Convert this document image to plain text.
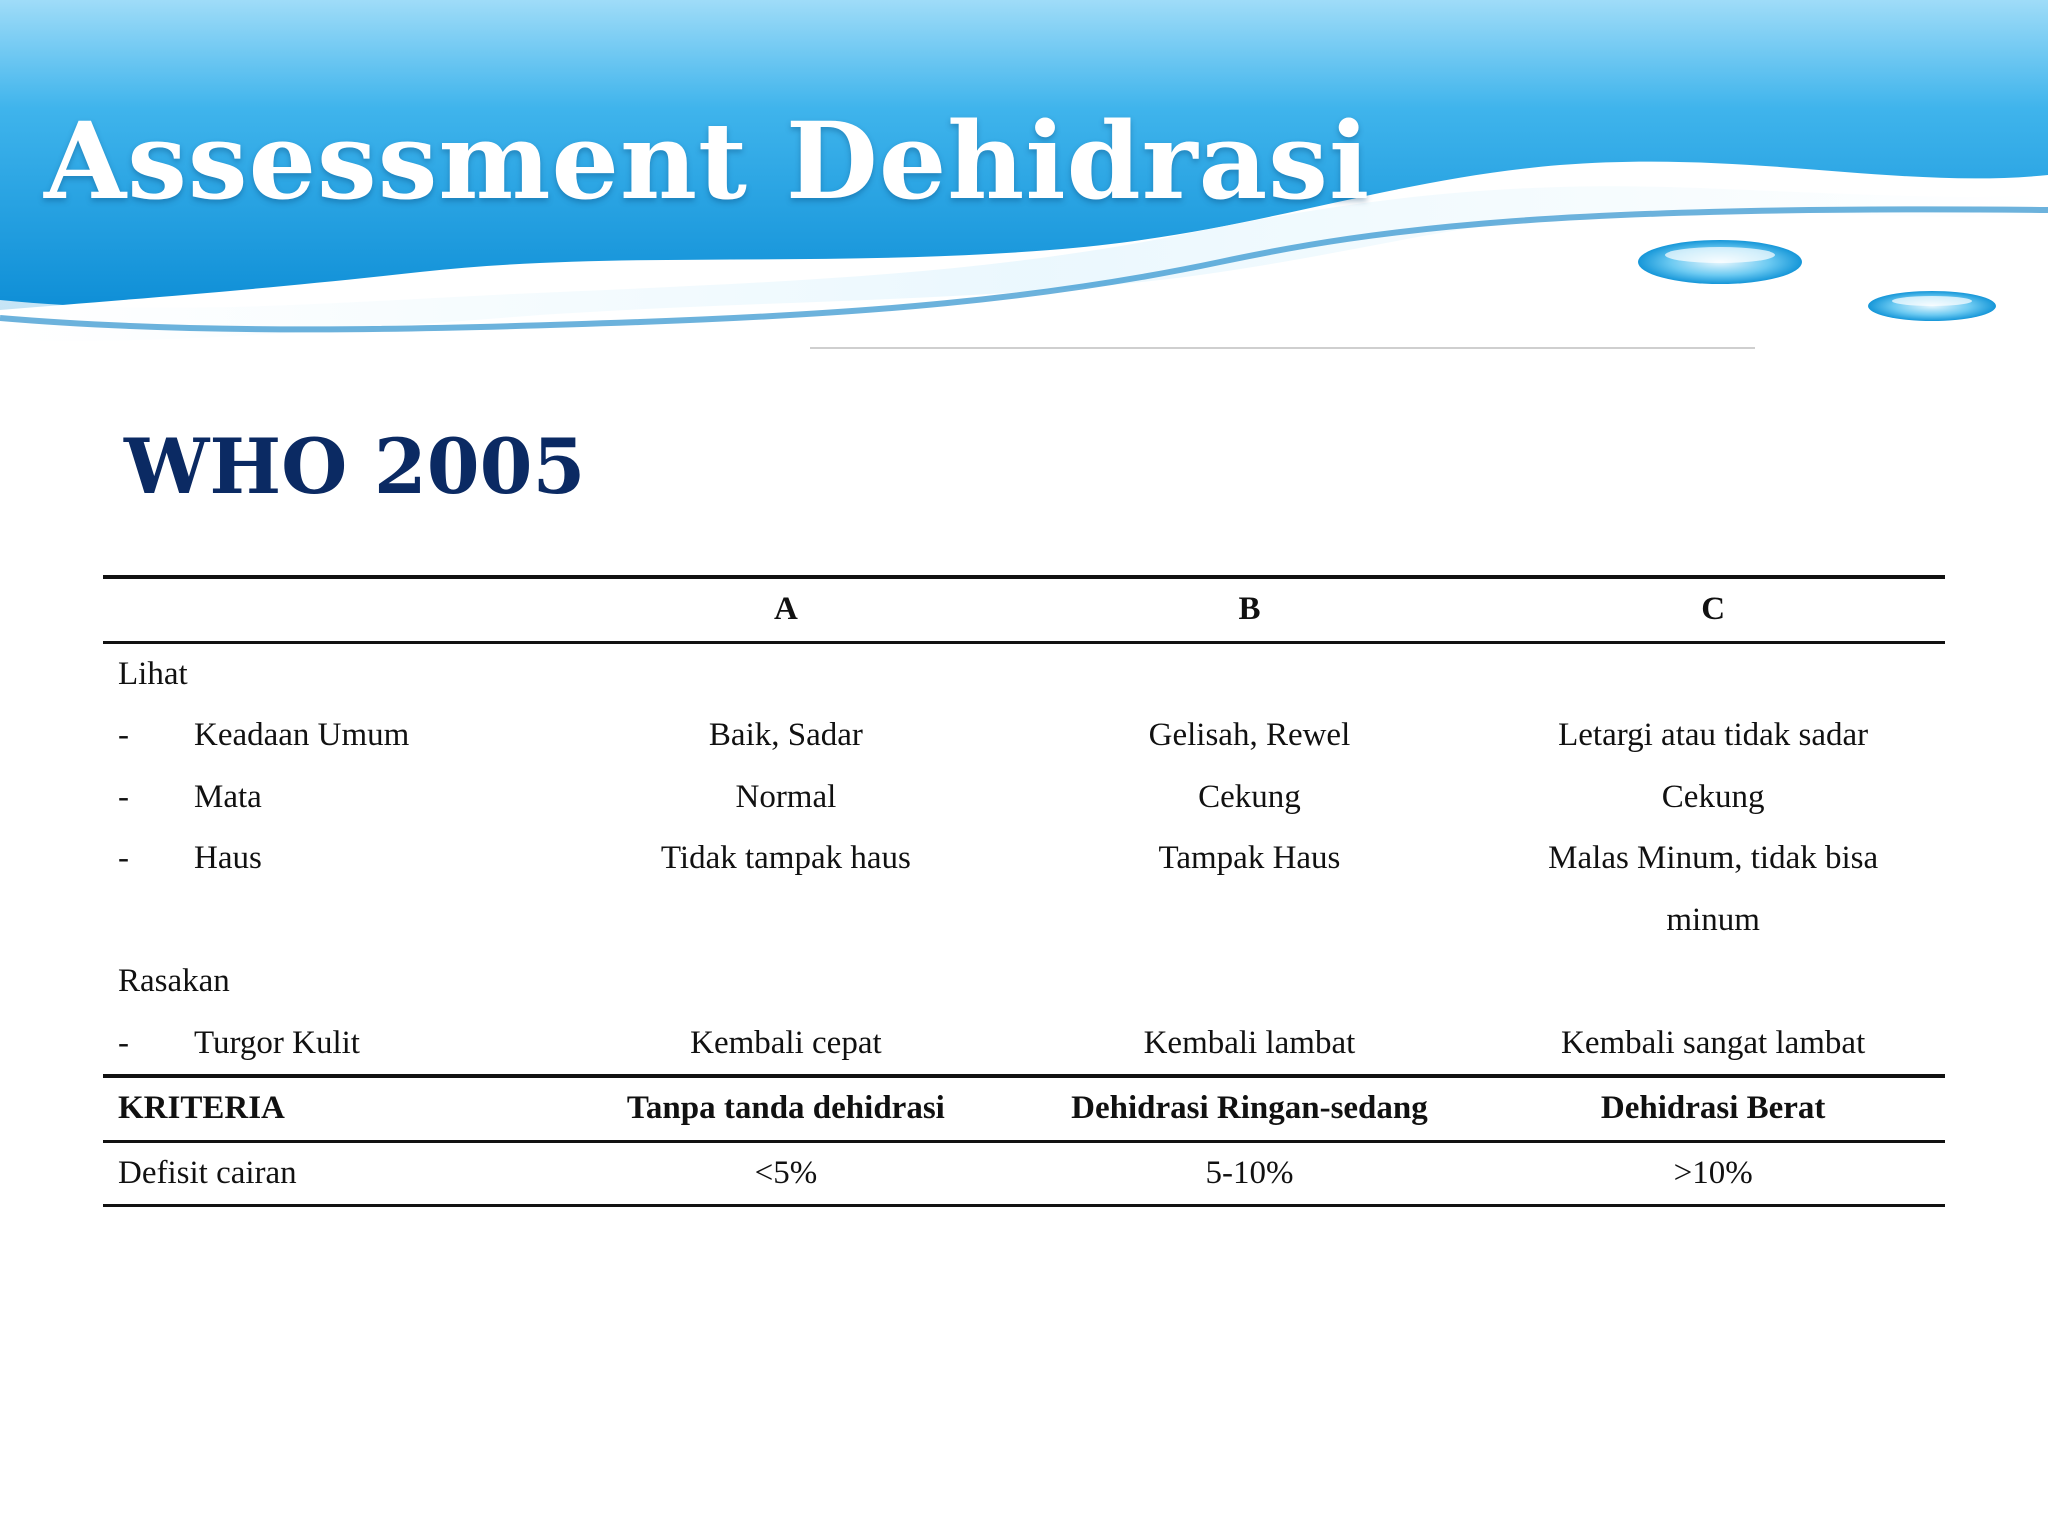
Assessment Dehidrasi
WHO 2005
	A	B	C
Lihat			
- Keadaan Umum	Baik, Sadar	Gelisah, Rewel	Letargi atau tidak sadar
- Mata	Normal	Cekung	Cekung
- Haus	Tidak tampak haus	Tampak Haus	Malas Minum, tidak bisa
			minum
Rasakan			
- Turgor Kulit	Kembali cepat	Kembali lambat	Kembali sangat lambat
KRITERIA	Tanpa tanda dehidrasi	Dehidrasi Ringan-sedang	Dehidrasi Berat
Defisit cairan	<5%	5-10%	>10%
